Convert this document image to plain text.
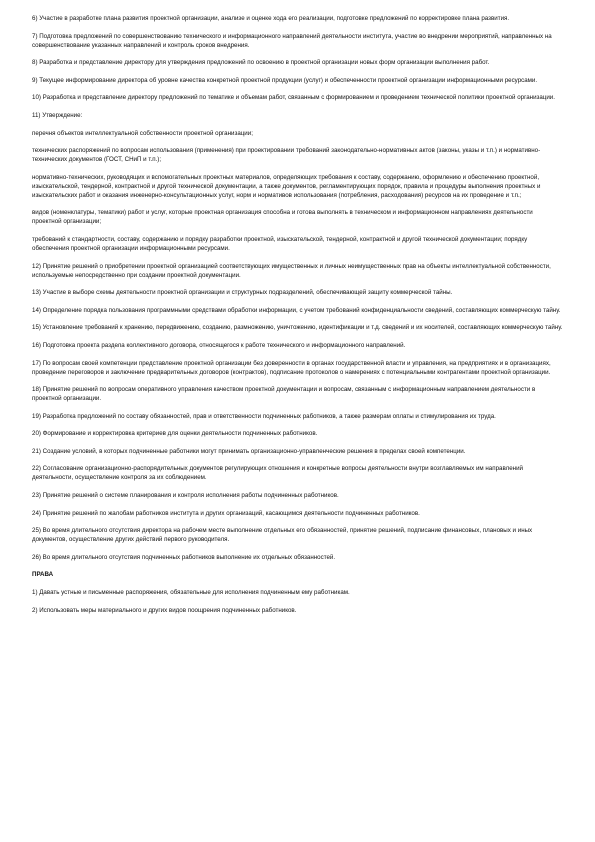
6) Участие в разработке плана развития проектной организации, анализе и оценке хода его реализации, подготовке предложений по корректировке плана развития.

7) Подготовка предложений по совершенствованию технического и информационного направлений деятельности института, участие во внедрении мероприятий, направленных на совершенствование указанных направлений и контроль сроков внедрения.

8) Разработка и представление директору для утверждения предложений по освоению в проектной организации новых форм организации выполнения работ.

9) Текущее информирование директора об уровне качества конкретной проектной продукции (услуг) и обеспеченности проектной организации информационными ресурсами.

10) Разработка и представление директору предложений по тематике и объемам работ, связанным с формированием и проведением технической политики проектной организации.

11) Утверждение:

перечня объектов интеллектуальной собственности проектной организации;

технических распоряжений по вопросам использования (применения) при проектировании требований законодательно-нормативных актов (законы, указы и т.п.) и нормативно-технических документов (ГОСТ, СНиП и т.п.);

нормативно-технических, руководящих и вспомогательных проектных материалов, определяющих требования к составу, содержанию, оформлению и обеспечению проектной, изыскательской, тендерной, контрактной и другой технической документации, а также документов, регламентирующих порядок, правила и процедуры выполнения проектных и изыскательских работ и оказания инженерно-консультационных услуг, норм и нормативов использования (потребления, расходования) ресурсов на их проведение и т.п.;

видов (номенклатуры, тематики) работ и услуг, которые проектная организация способна и готова выполнять в техническом и информационном направлениях деятельности проектной организации;

требований к стандартности, составу, содержанию и порядку разработки проектной, изыскательской, тендерной, контрактной и другой технической документации; порядку обеспечения проектной организации информационными ресурсами.

12) Принятие решений о приобретении проектной организацией соответствующих имущественных и личных неимущественных прав на объекты интеллектуальной собственности, используемые непосредственно при создании проектной документации.

13) Участие в выборе схемы деятельности проектной организации и структурных подразделений, обеспечивающей защиту коммерческой тайны.

14) Определение порядка пользования программными средствами обработки информации, с учетом требований конфиденциальности сведений, составляющих коммерческую тайну.

15) Установление требований к хранению, передвижению, созданию, размножению, уничтожению, идентификации и т.д. сведений и их носителей, составляющих коммерческую тайну.

16) Подготовка проекта раздела коллективного договора, относящегося к работе технического и информационного направлений.

17) По вопросам своей компетенции представление проектной организации без доверенности в органах государственной власти и управления, на предприятиях и в организациях, проведение переговоров и заключение предварительных договоров (контрактов), подписание протоколов о намерениях с потенциальными контрагентами проектной организации.

18) Принятие решений по вопросам оперативного управления качеством проектной документации и вопросам, связанным с информационным направлением деятельности в проектной организации.

19) Разработка предложений по составу обязанностей, прав и ответственности подчиненных работников, а также размерам оплаты и стимулирования их труда.

20) Формирование и корректировка критериев для оценки деятельности подчиненных работников.

21) Создание условий, в которых подчиненные работники могут принимать организационно-управленческие решения в пределах своей компетенции.

22) Согласование организационно-распорядительных документов регулирующих отношения и конкретные вопросы деятельности внутри возглавляемых им направлений деятельности, осуществление контроля за их соблюдением.

23) Принятие решений о системе планирования и контроля исполнения работы подчиненных работников.

24) Принятие решений по жалобам работников института и других организаций, касающимся деятельности подчиненных работников.

25) Во время длительного отсутствия директора на рабочем месте выполнение отдельных его обязанностей, принятие решений, подписание финансовых, плановых и иных документов, осуществление других действий первого руководителя.

26) Во время длительного отсутствия подчиненных работников выполнение их отдельных обязанностей.

ПРАВА

1) Давать устные и письменные распоряжения, обязательные для исполнения подчиненным ему работникам.

2) Использовать меры материального и других видов поощрения подчиненных работников.
